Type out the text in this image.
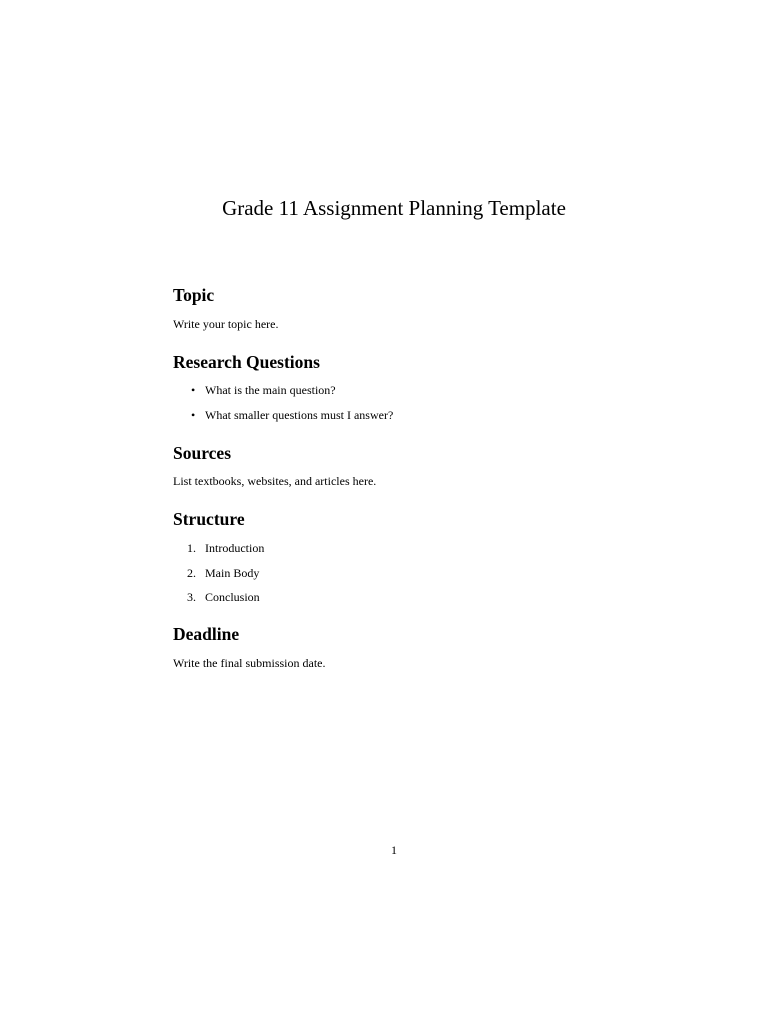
Grade 11 Assignment Planning Template
Topic

Write your topic here.

Research Questions
• What is the main question?
• What smaller questions must I answer?
Sources

List textbooks, websites, and articles here.

Structure
1. Introduction
2. Main Body
3. Conclusion
Deadline

Write the final submission date.

1
